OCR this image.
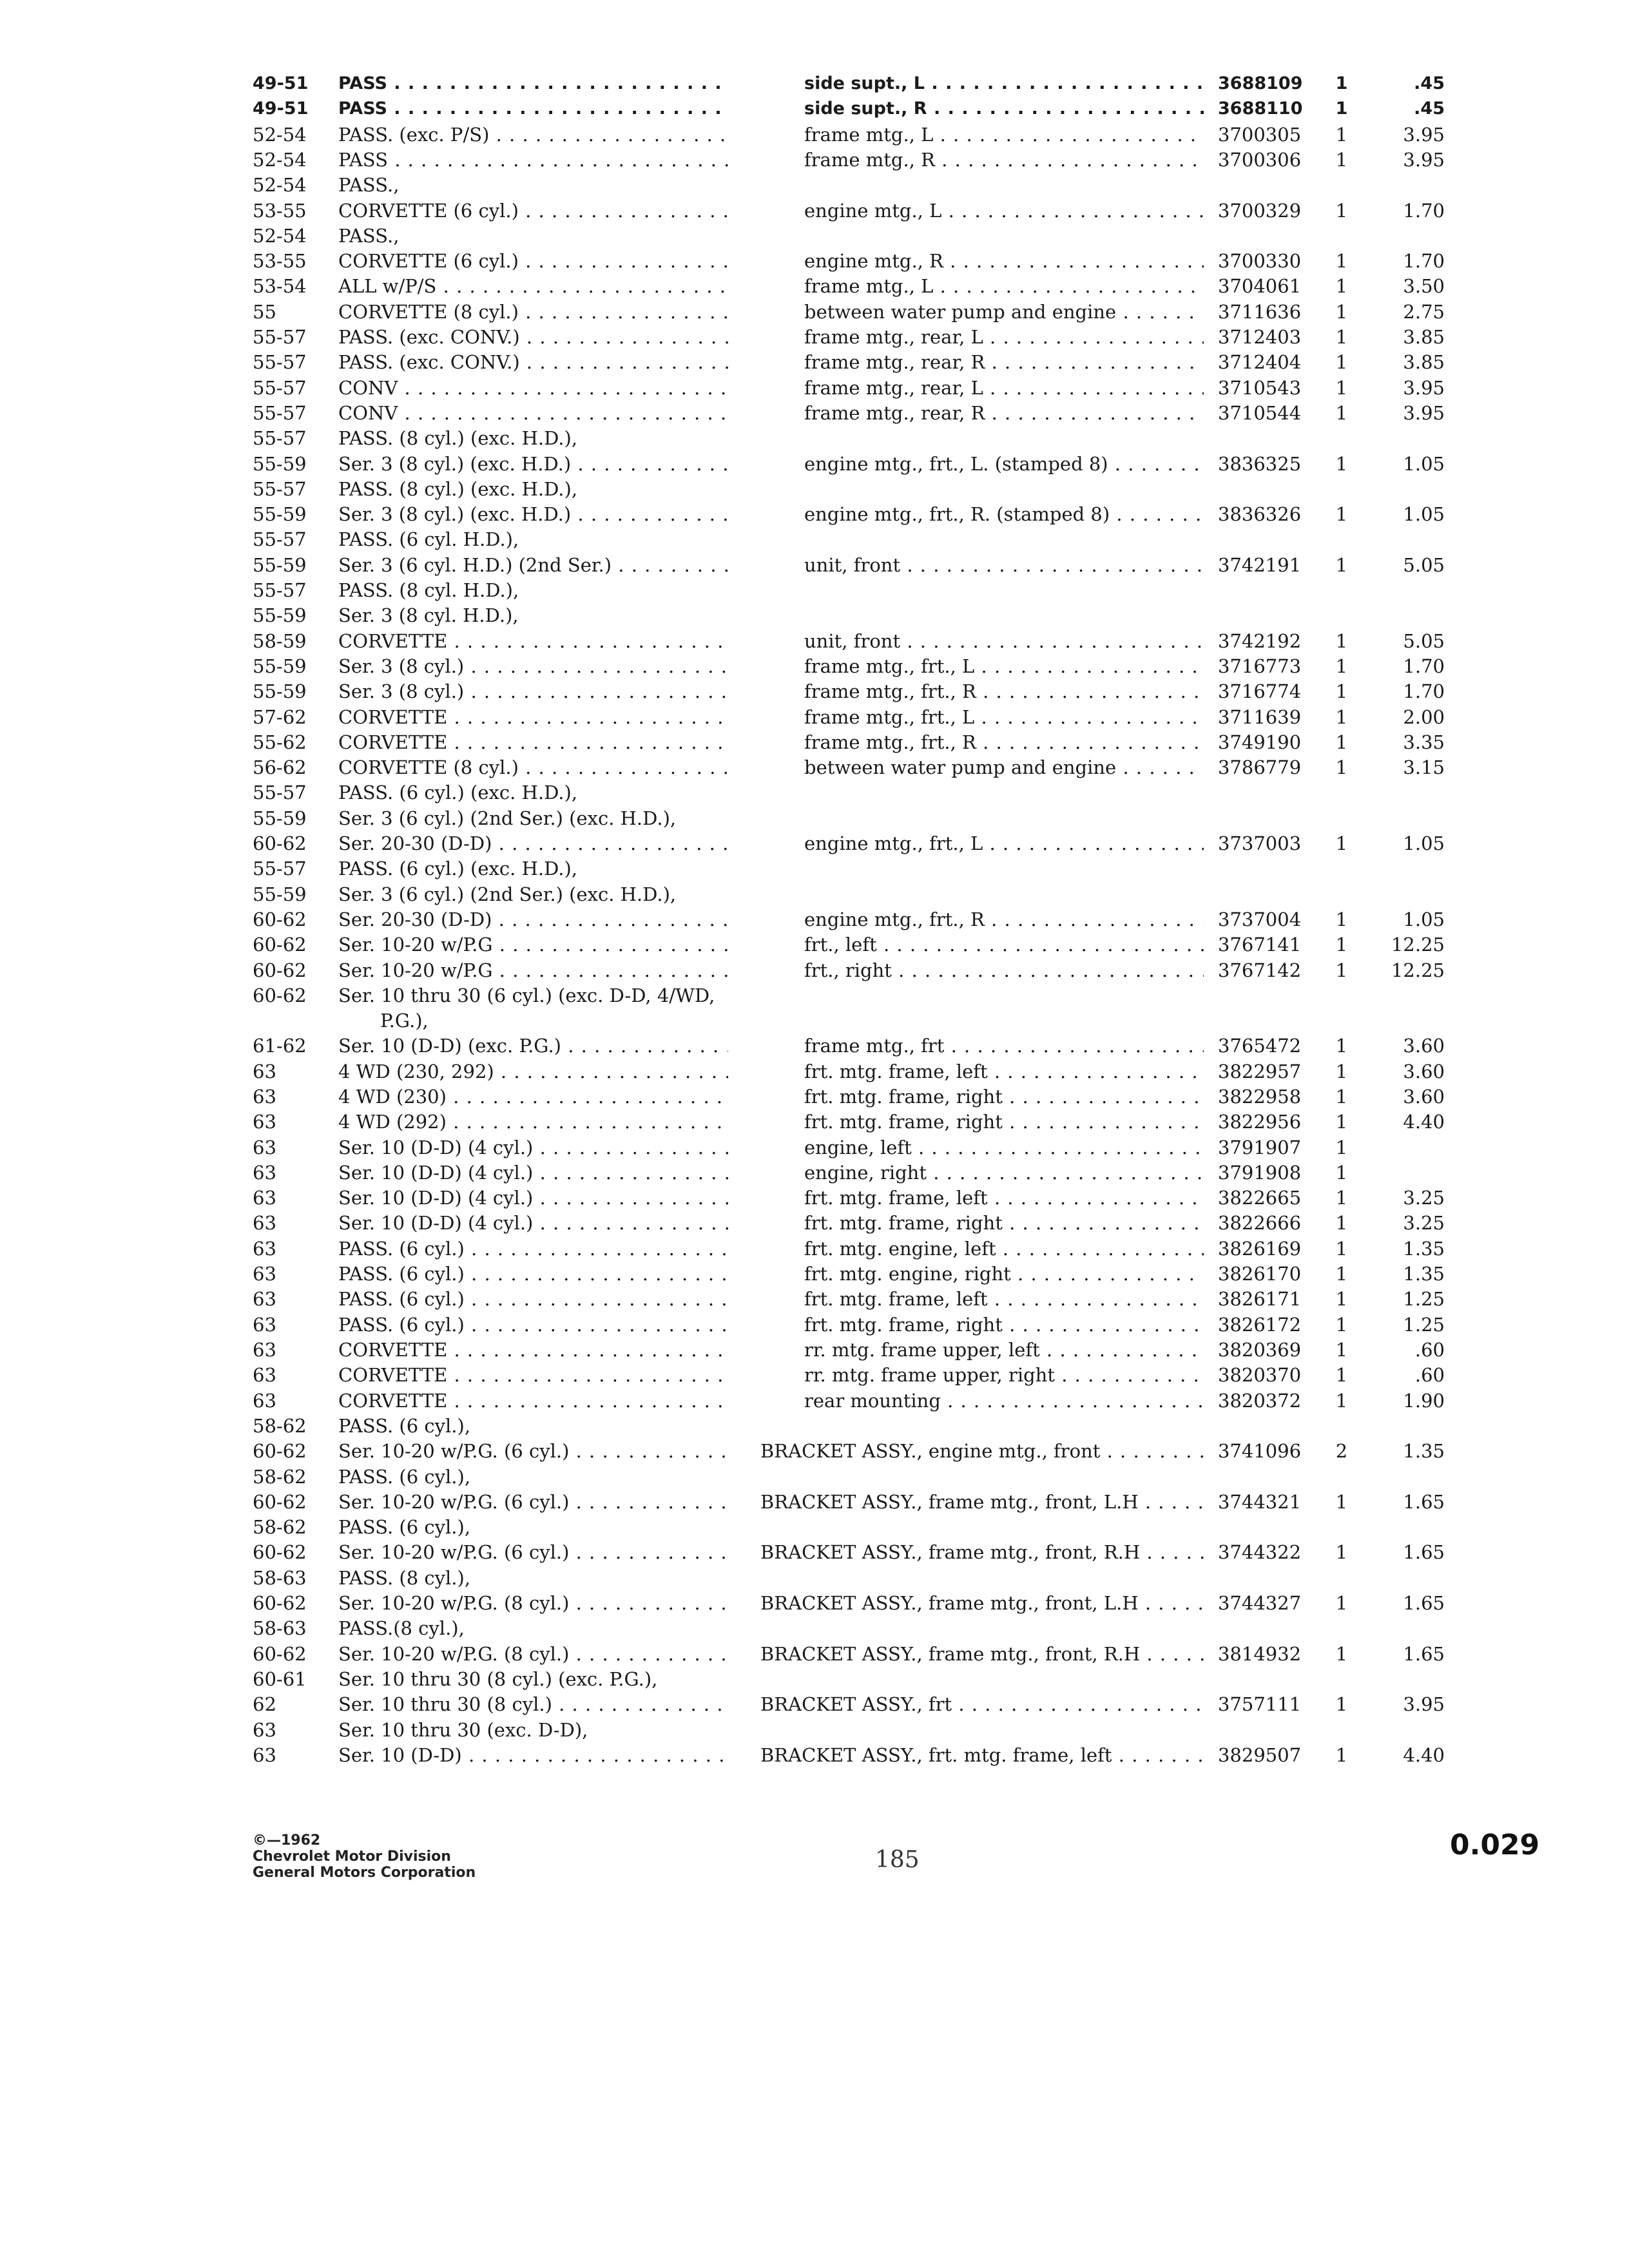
49-51	PASS . . .	side supt., L . . .	3688109	1	.45
49-51	PASS . . .	side supt., R . . .	3688110	1	.45
52-54	PASS. (exc. P/S) . . .	frame mtg., L . . .	3700305	1	3.95
52-54	PASS . . .	frame mtg., R . . .	3700306	1	3.95
52-54	PASS.,
53-55	CORVETTE (6 cyl.) . . .	engine mtg., L . . .	3700329	1	1.70
52-54	PASS.,
53-55	CORVETTE (6 cyl.) . . .	engine mtg., R . . .	3700330	1	1.70
53-54	ALL w/P/S . . .	frame mtg., L . . .	3704061	1	3.50
55	CORVETTE (8 cyl.) . . .	between water pump and engine . . .	3711636	1	2.75
55-57	PASS. (exc. CONV.) . . .	frame mtg., rear, L . . .	3712403	1	3.85
55-57	PASS. (exc. CONV.) . . .	frame mtg., rear, R . . .	3712404	1	3.85
55-57	CONV . . .	frame mtg., rear, L . . .	3710543	1	3.95
55-57	CONV . . .	frame mtg., rear, R . . .	3710544	1	3.95
55-57	PASS. (8 cyl.) (exc. H.D.),
55-59	Ser. 3 (8 cyl.) (exc. H.D.) . . .	engine mtg., frt., L. (stamped 8) . . .	3836325	1	1.05
55-57	PASS. (8 cyl.) (exc. H.D.),
55-59	Ser. 3 (8 cyl.) (exc. H.D.) . . .	engine mtg., frt., R. (stamped 8) . . .	3836326	1	1.05
55-57	PASS. (6 cyl. H.D.),
55-59	Ser. 3 (6 cyl. H.D.) (2nd Ser.) . . .	unit, front . . .	3742191	1	5.05
55-57	PASS. (8 cyl. H.D.),
55-59	Ser. 3 (8 cyl. H.D.),
58-59	CORVETTE . . .	unit, front . . .	3742192	1	5.05
55-59	Ser. 3 (8 cyl.) . . .	frame mtg., frt., L . . .	3716773	1	1.70
55-59	Ser. 3 (8 cyl.) . . .	frame mtg., frt., R . . .	3716774	1	1.70
57-62	CORVETTE . . .	frame mtg., frt., L . . .	3711639	1	2.00
55-62	CORVETTE . . .	frame mtg., frt., R . . .	3749190	1	3.35
56-62	CORVETTE (8 cyl.) . . .	between water pump and engine . . .	3786779	1	3.15
55-57	PASS. (6 cyl.) (exc. H.D.),
55-59	Ser. 3 (6 cyl.) (2nd Ser.) (exc. H.D.),
60-62	Ser. 20-30 (D-D) . . .	engine mtg., frt., L . . .	3737003	1	1.05
55-57	PASS. (6 cyl.) (exc. H.D.),
55-59	Ser. 3 (6 cyl.) (2nd Ser.) (exc. H.D.),
60-62	Ser. 20-30 (D-D) . . .	engine mtg., frt., R . . .	3737004	1	1.05
60-62	Ser. 10-20 w/P.G . . .	frt., left . . .	3767141	1	12.25
60-62	Ser. 10-20 w/P.G . . .	frt., right . . .	3767142	1	12.25
60-62	Ser. 10 thru 30 (6 cyl.) (exc. D-D, 4/WD,
P.G.),
61-62	Ser. 10 (D-D) (exc. P.G.) . . .	frame mtg., frt . . .	3765472	1	3.60
63	4 WD (230, 292) . . .	frt. mtg. frame, left . . .	3822957	1	3.60
63	4 WD (230) . . .	frt. mtg. frame, right . . .	3822958	1	3.60
63	4 WD (292) . . .	frt. mtg. frame, right . . .	3822956	1	4.40
63	Ser. 10 (D-D) (4 cyl.) . . .	engine, left . . .	3791907	1
63	Ser. 10 (D-D) (4 cyl.) . . .	engine, right . . .	3791908	1
63	Ser. 10 (D-D) (4 cyl.) . . .	frt. mtg. frame, left . . .	3822665	1	3.25
63	Ser. 10 (D-D) (4 cyl.) . . .	frt. mtg. frame, right . . .	3822666	1	3.25
63	PASS. (6 cyl.) . . .	frt. mtg. engine, left . . .	3826169	1	1.35
63	PASS. (6 cyl.) . . .	frt. mtg. engine, right . . .	3826170	1	1.35
63	PASS. (6 cyl.) . . .	frt. mtg. frame, left . . .	3826171	1	1.25
63	PASS. (6 cyl.) . . .	frt. mtg. frame, right . . .	3826172	1	1.25
63	CORVETTE . . .	rr. mtg. frame upper, left . . .	3820369	1	.60
63	CORVETTE . . .	rr. mtg. frame upper, right . . .	3820370	1	.60
63	CORVETTE . . .	rear mounting . . .	3820372	1	1.90
58-62	PASS. (6 cyl.),
60-62	Ser. 10-20 w/P.G. (6 cyl.) . . .	BRACKET ASSY., engine mtg., front . . .	3741096	2	1.35
58-62	PASS. (6 cyl.),
60-62	Ser. 10-20 w/P.G. (6 cyl.) . . .	BRACKET ASSY., frame mtg., front, L.H . . .	3744321	1	1.65
58-62	PASS. (6 cyl.),
60-62	Ser. 10-20 w/P.G. (6 cyl.) . . .	BRACKET ASSY., frame mtg., front, R.H . . .	3744322	1	1.65
58-63	PASS. (8 cyl.),
60-62	Ser. 10-20 w/P.G. (8 cyl.) . . .	BRACKET ASSY., frame mtg., front, L.H . . .	3744327	1	1.65
58-63	PASS.(8 cyl.),
60-62	Ser. 10-20 w/P.G. (8 cyl.) . . .	BRACKET ASSY., frame mtg., front, R.H . . .	3814932	1	1.65
60-61	Ser. 10 thru 30 (8 cyl.) (exc. P.G.),
62	Ser. 10 thru 30 (8 cyl.) . . .	BRACKET ASSY., frt . . .	3757111	1	3.95
63	Ser. 10 thru 30 (exc. D-D),
63	Ser. 10 (D-D) . . .	BRACKET ASSY., frt. mtg. frame, left . . .	3829507	1	4.40
©—1962
Chevrolet Motor Division
General Motors Corporation	185	0.029
